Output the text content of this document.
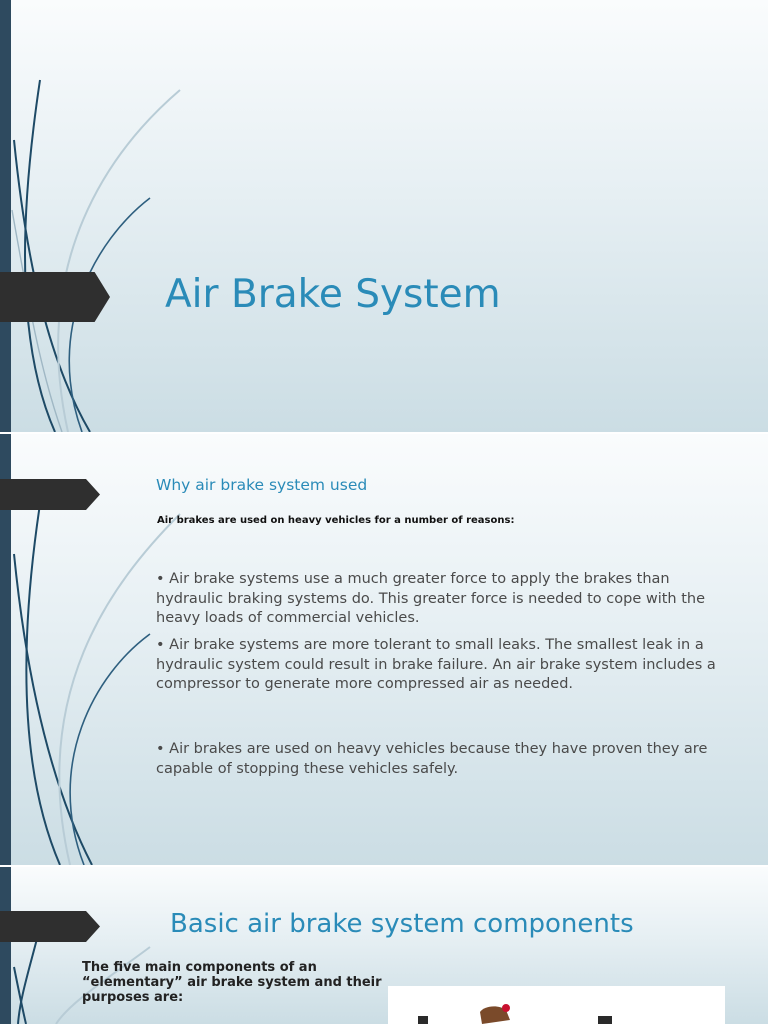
Air Brake System
Why air brake system used

Air brakes are used on heavy vehicles for a number of reasons:

• Air brake systems use a much greater force to apply the brakes than hydraulic braking systems do. This greater force is needed to cope with the heavy loads of commercial vehicles.

• Air brake systems are more tolerant to small leaks. The smallest leak in a hydraulic system could result in brake failure. An air brake system includes a compressor to generate more compressed air as needed.

• Air brakes are used on heavy vehicles because they have proven they are capable of stopping these vehicles safely.

Basic air brake system components

The five main components of an “elementary” air brake system and their purposes are:
